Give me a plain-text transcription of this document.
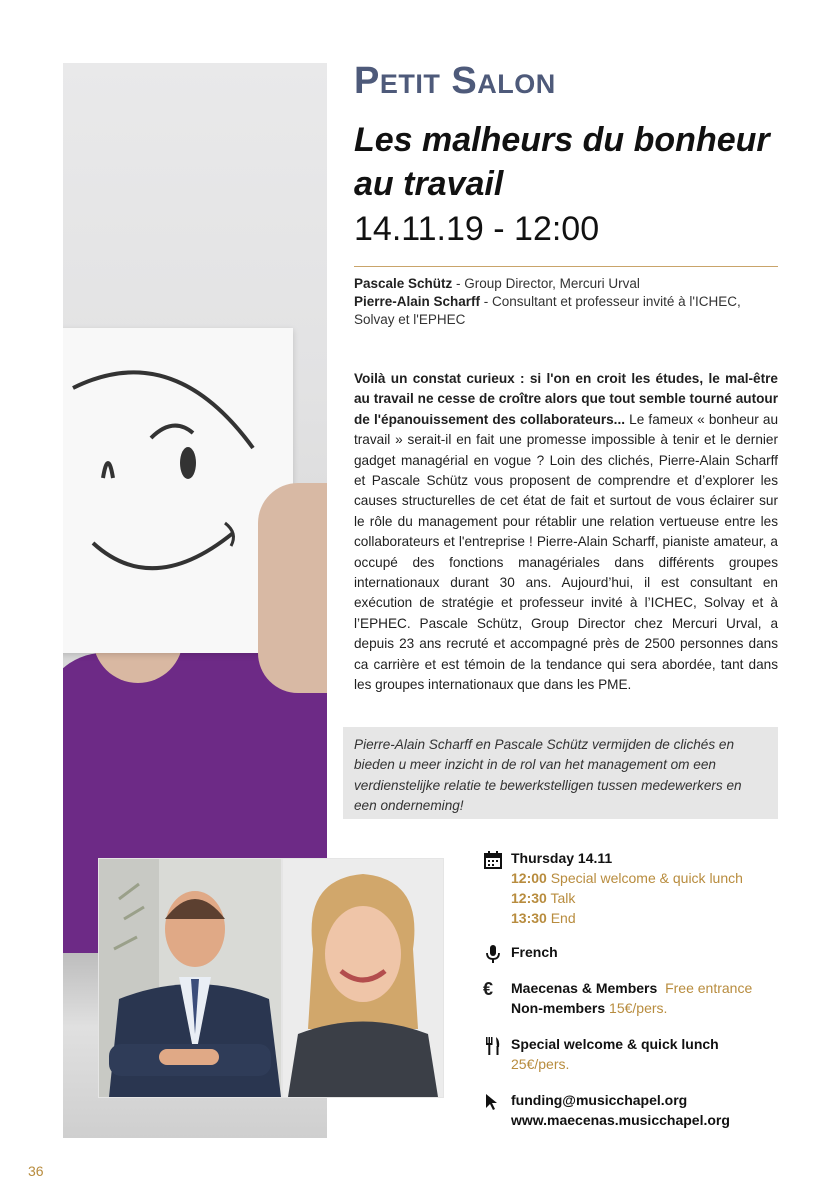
Petit Salon
Les malheurs du bonheur au travail
14.11.19 - 12:00
Pascale Schütz - Group Director, Mercuri Urval
Pierre-Alain Scharff - Consultant et professeur invité à l'ICHEC, Solvay et l'EPHEC

Voilà un constat curieux : si l'on en croit les études, le mal-être au travail ne cesse de croître alors que tout semble tourné autour de l'épanouissement des collaborateurs... Le fameux « bonheur au travail » serait-il en fait une promesse impossible à tenir et le dernier gadget managérial en vogue ? Loin des clichés, Pierre-Alain Scharff et Pascale Schütz vous proposent de comprendre et d’explorer les causes structurelles de cet état de fait et surtout de vous éclairer sur le rôle du management pour rétablir une relation vertueuse entre les collaborateurs et l'entreprise ! Pierre-Alain Scharff, pianiste amateur, a occupé des fonctions managériales dans différents groupes internationaux durant 30 ans. Aujourd’hui, il est consultant en exécution de stratégie et professeur invité à l’ICHEC, Solvay et à l’EPHEC. Pascale Schütz, Group Director chez Mercuri Urval, a depuis 23 ans recruté et accompagné près de 2500 personnes dans ca carrière et est témoin de la tendance qui sera abordée, tant dans les groupes internationaux que dans les PME.

Pierre-Alain Scharff en Pascale Schütz vermijden de clichés en bieden u meer inzicht in de rol van het management om een verdienstelijke relatie te bewerkstelligen tussen medewerkers en een onderneming!

Thursday 14.11
12:00 Special welcome & quick lunch
12:30 Talk
13:30 End
French
€	Maecenas & Members Free entrance
Non-members 15€/pers.
Special welcome & quick lunch
25€/pers.
funding@musicchapel.org
www.maecenas.musicchapel.org
36
